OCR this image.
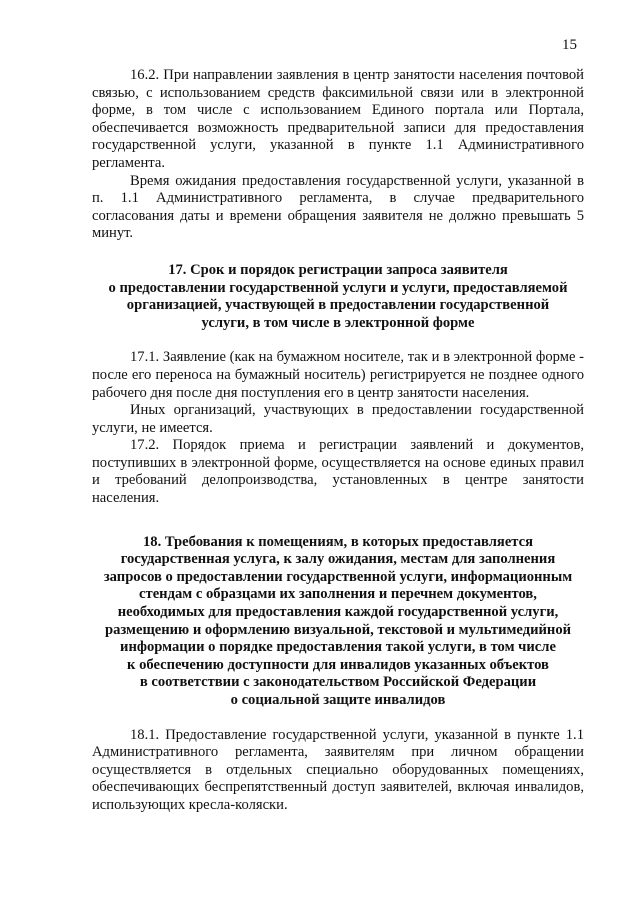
15

16.2. При направлении заявления в центр занятости населения почтовой связью, с использованием средств факсимильной связи или в электронной форме, в том числе с использованием Единого портала или Портала, обеспечивается возможность предварительной записи для предоставления государственной услуги, указанной в пункте 1.1 Административного регламента.

Время ожидания предоставления государственной услуги, указанной в п. 1.1 Административного регламента, в случае предварительного согласования даты и времени обращения заявителя не должно превышать 5 минут.

17. Срок и порядок регистрации запроса заявителя
о предоставлении государственной услуги и услуги, предоставляемой
организацией, участвующей в предоставлении государственной
услуги, в том числе в электронной форме

17.1. Заявление (как на бумажном носителе, так и в электронной форме - после его переноса на бумажный носитель) регистрируется не позднее одного рабочего дня после дня поступления его в центр занятости населения.

Иных организаций, участвующих в предоставлении государственной услуги, не имеется.

17.2. Порядок приема и регистрации заявлений и документов, поступивших в электронной форме, осуществляется на основе единых правил и требований делопроизводства, установленных в центре занятости населения.

18. Требования к помещениям, в которых предоставляется
государственная услуга, к залу ожидания, местам для заполнения
запросов о предоставлении государственной услуги, информационным
стендам с образцами их заполнения и перечнем документов,
необходимых для предоставления каждой государственной услуги,
размещению и оформлению визуальной, текстовой и мультимедийной
информации о порядке предоставления такой услуги, в том числе
к обеспечению доступности для инвалидов указанных объектов
в соответствии с законодательством Российской Федерации
о социальной защите инвалидов

18.1. Предоставление государственной услуги, указанной в пункте 1.1 Административного регламента, заявителям при личном обращении осуществляется в отдельных специально оборудованных помещениях, обеспечивающих беспрепятственный доступ заявителей, включая инвалидов, использующих кресла-коляски.
